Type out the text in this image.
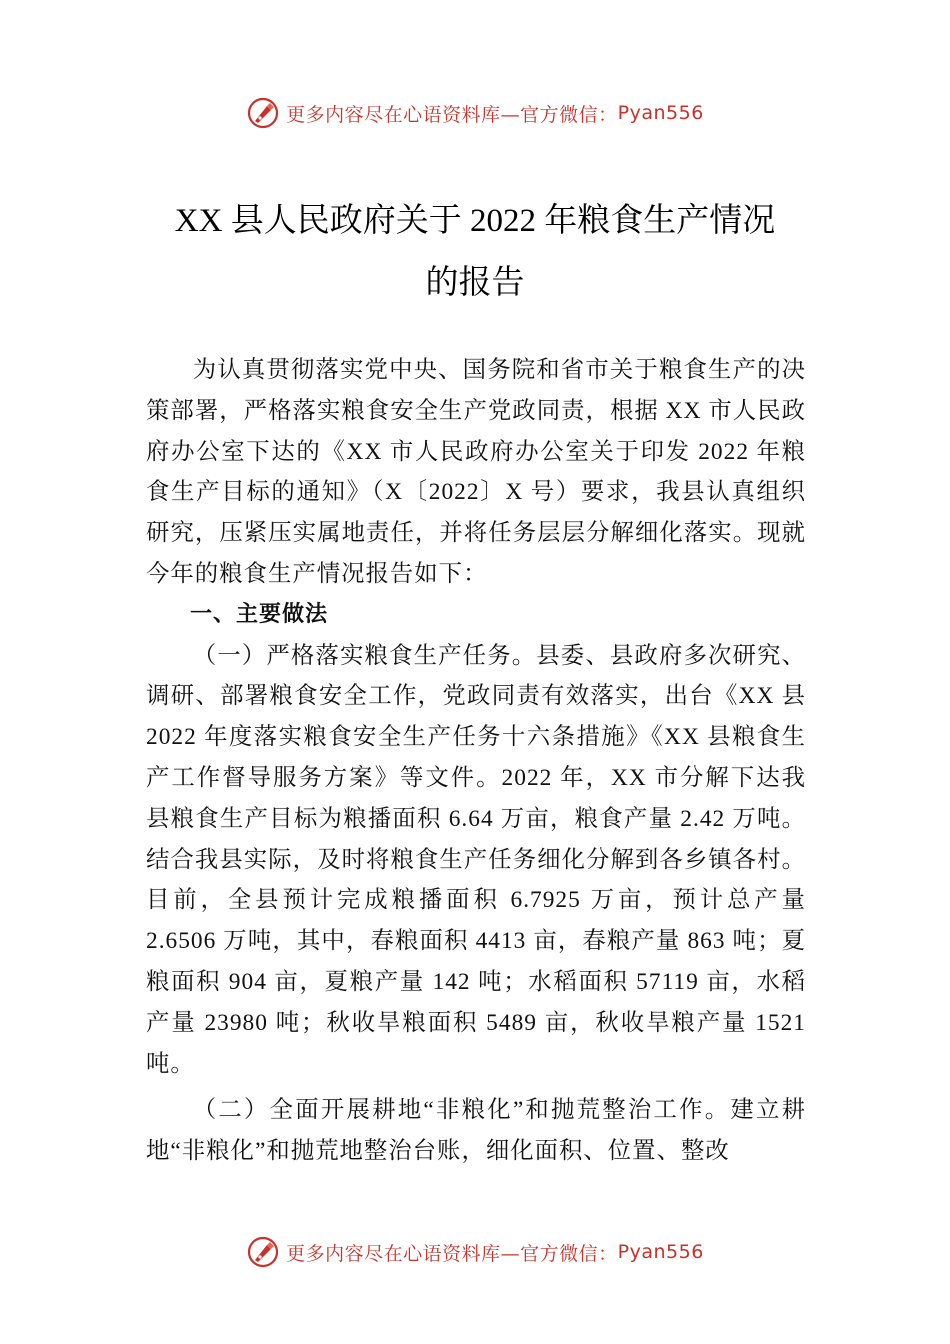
更多内容尽在心语资料库—官方微信： Pyan556
XX 县人民政府关于 2022 年粮食生产情况
的报告

为认真贯彻落实党中央、国务院和省市关于粮食生产的决策部署，严格落实粮食安全生产党政同责，根据 XX 市人民政府办公室下达的《XX 市人民政府办公室关于印发 2022 年粮食生产目标的通知》（X〔2022〕X 号）要求，我县认真组织研究，压紧压实属地责任，并将任务层层分解细化落实。现就今年的粮食生产情况报告如下：

一、主要做法

（一）严格落实粮食生产任务。县委、县政府多次研究、调研、部署粮食安全工作，党政同责有效落实，出台《XX 县 2022 年度落实粮食安全生产任务十六条措施》《XX 县粮食生产工作督导服务方案》等文件。2022 年，XX 市分解下达我县粮食生产目标为粮播面积 6.64 万亩，粮食产量 2.42 万吨。结合我县实际，及时将粮食生产任务细化分解到各乡镇各村。目前，全县预计完成粮播面积 6.7925 万亩，预计总产量 2.6506 万吨，其中，春粮面积 4413 亩，春粮产量 863 吨；夏粮面积 904 亩，夏粮产量 142 吨；水稻面积 57119 亩，水稻产量 23980 吨；秋收旱粮面积 5489 亩，秋收旱粮产量 1521 吨。

（二）全面开展耕地“非粮化”和抛荒整治工作。建立耕地“非粮化”和抛荒地整治台账，细化面积、位置、整改

更多内容尽在心语资料库—官方微信： Pyan556
